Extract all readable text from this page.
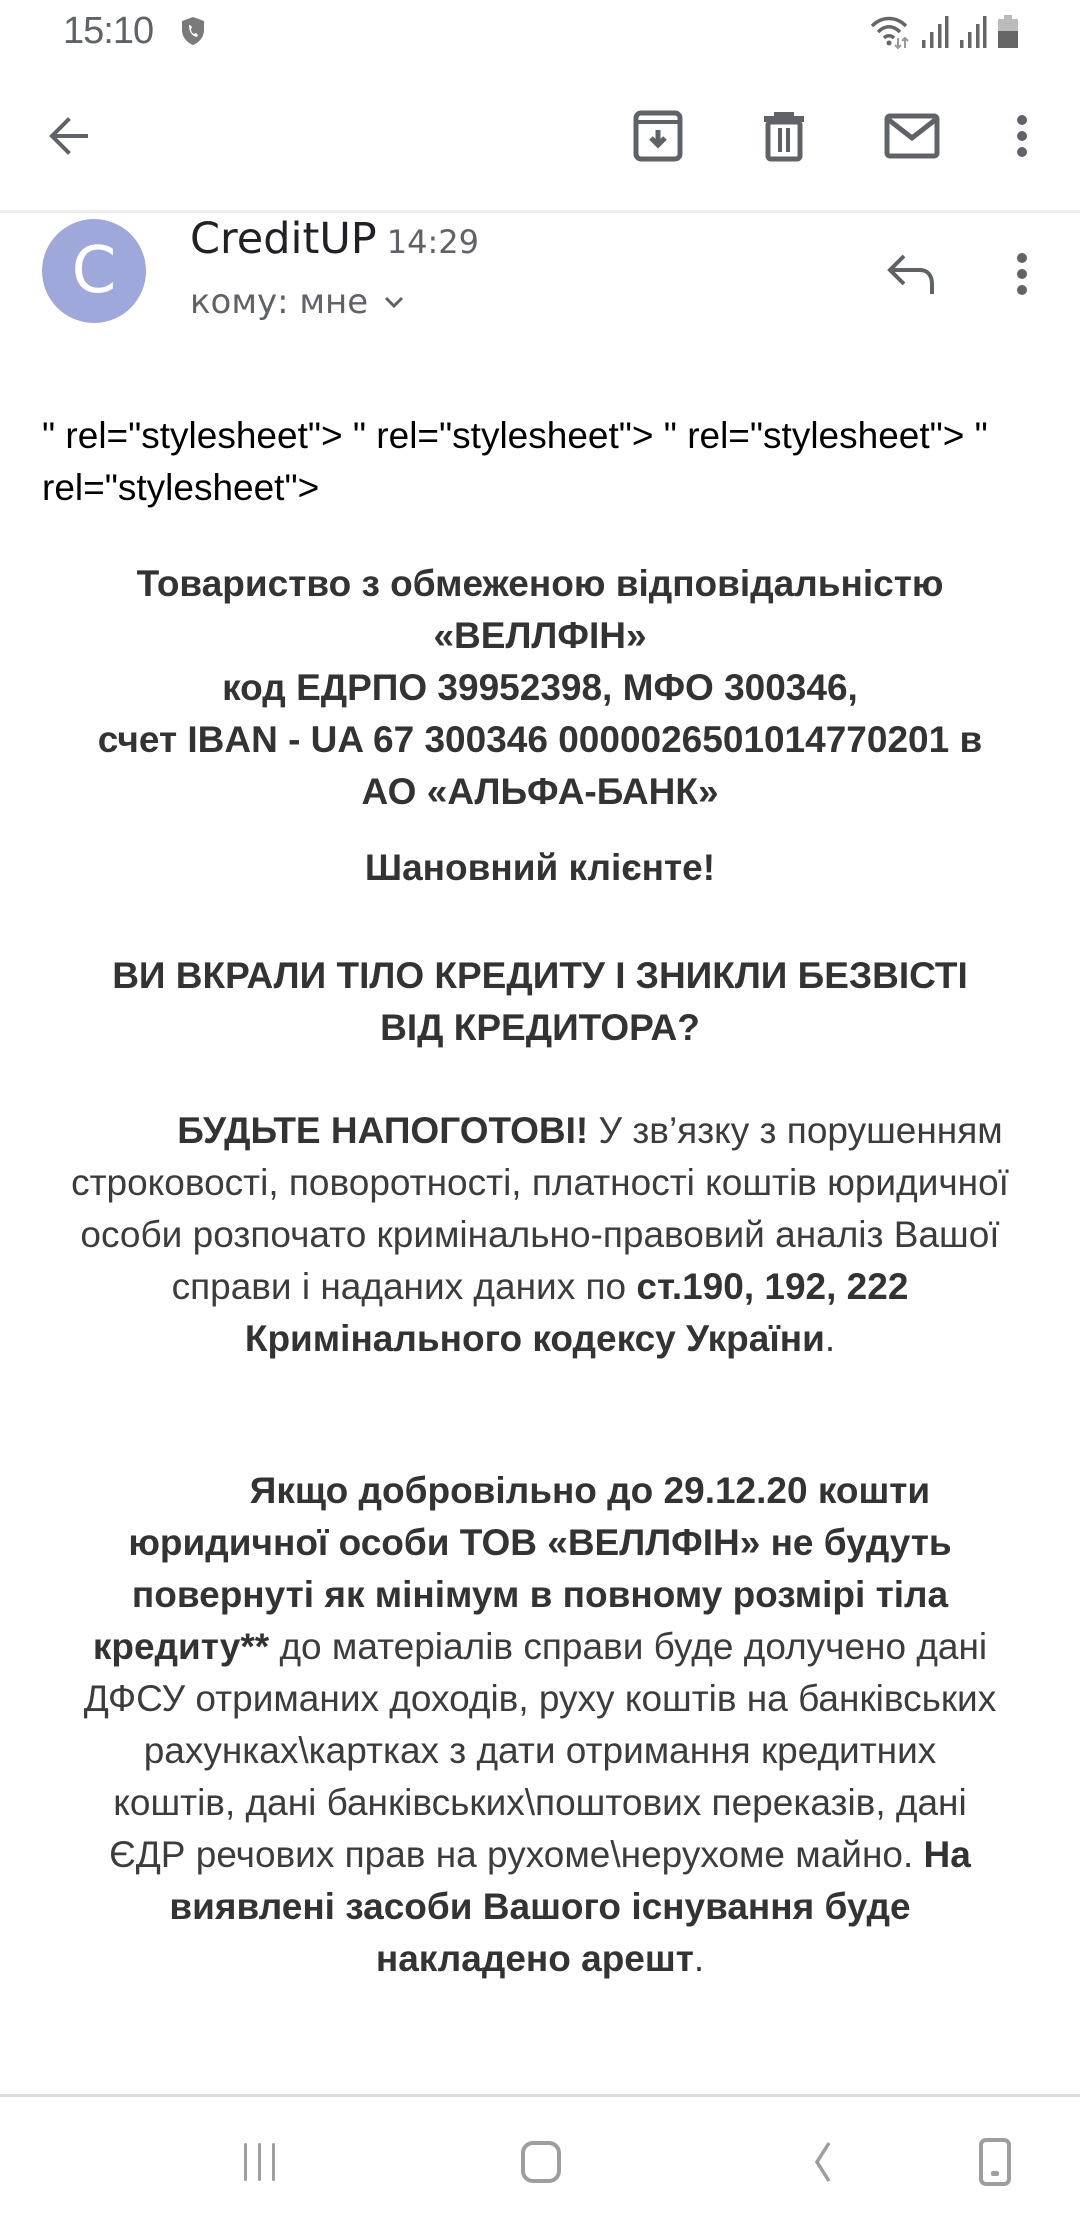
15:10
C	CreditUP 14:29
кому: мне
" rel="stylesheet"> " rel="stylesheet"> " rel="stylesheet"> " rel="stylesheet">
Товариство з обмеженою відповідальністю
«ВЕЛЛФІН»
код ЕДРПО 39952398, МФО 300346,
счет IBAN - UA 67 300346 0000026501014770201 в
АО «АЛЬФА-БАНК»
Шановний клієнте!
ВИ ВКРАЛИ ТІЛО КРЕДИТУ І ЗНИКЛИ БЕЗВІСТІ ВІД КРЕДИТОРА?
БУДЬТЕ НАПОГОТОВІ! У зв’язку з порушенням строковості, поворотності, платності коштів юридичної особи розпочато кримінально-правовий аналіз Вашої справи і наданих даних по ст.190, 192, 222 Кримінального кодексу України.
Якщо добровільно до 29.12.20 кошти юридичної особи ТОВ «ВЕЛЛФІН» не будуть повернуті як мінімум в повному розмірі тіла кредиту** до матеріалів справи буде долучено дані ДФСУ отриманих доходів, руху коштів на банківських рахунках\картках з дати отримання кредитних коштів, дані банківських\поштових переказів, дані ЄДР речових прав на рухоме\нерухоме майно. На виявлені засоби Вашого існування буде накладено арешт.
